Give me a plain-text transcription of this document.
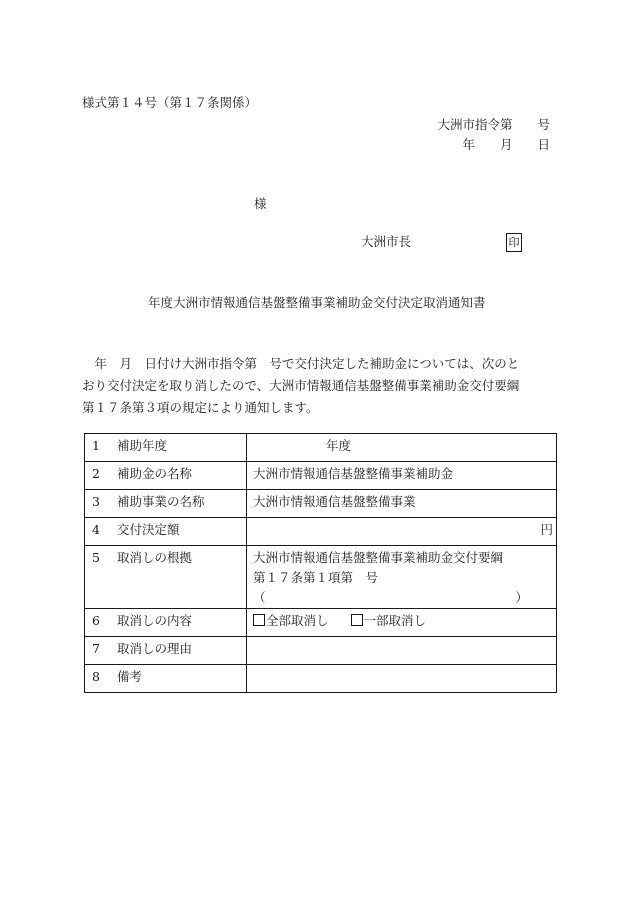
様式第１４号（第１７条関係）
大洲市指令第　　号
年　　月　　日
様
大洲市長	印
年度大洲市情報通信基盤整備事業補助金交付決定取消通知書
　年　月　日付け大洲市指令第　号で交付決定した補助金については、次のと
おり交付決定を取り消したので、大洲市情報通信基盤整備事業補助金交付要綱
第１７条第３項の規定により通知します。
1 補助年度	年度
2 補助金の名称	大洲市情報通信基盤整備事業補助金
3 補助事業の名称	大洲市情報通信基盤整備事業
4 交付決定額	円

5 取消しの根拠	大洲市情報通信基盤整備事業補助金交付要綱
第１７条第１項第　号
（　　　　　　　　　　　　　　　　　　　　）

6 取消しの内容	全部取消し 一部取消し
7 取消しの理由	
8 備考	
